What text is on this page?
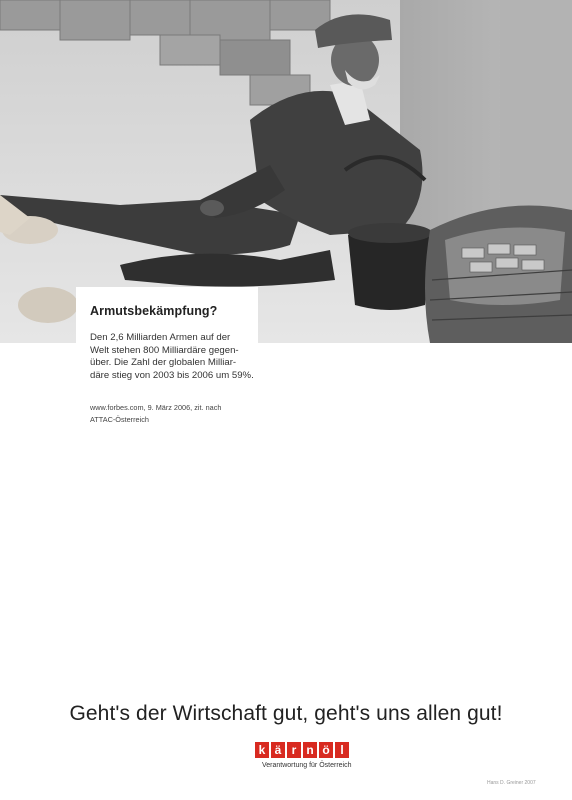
Armutsbekämpfung?
Den 2,6 Milliarden Armen auf der
Welt stehen 800 Milliardäre gegen-
über. Die Zahl der globalen Milliar-
däre stieg von 2003 bis 2006 um 59%.
www.forbes.com, 9. März 2006, zit. nach
ATTAC-Österreich
Geht's der Wirtschaft gut, geht's uns allen gut!
k ä r n ö l
Verantwortung für Österreich
Hans D. Greiner 2007
